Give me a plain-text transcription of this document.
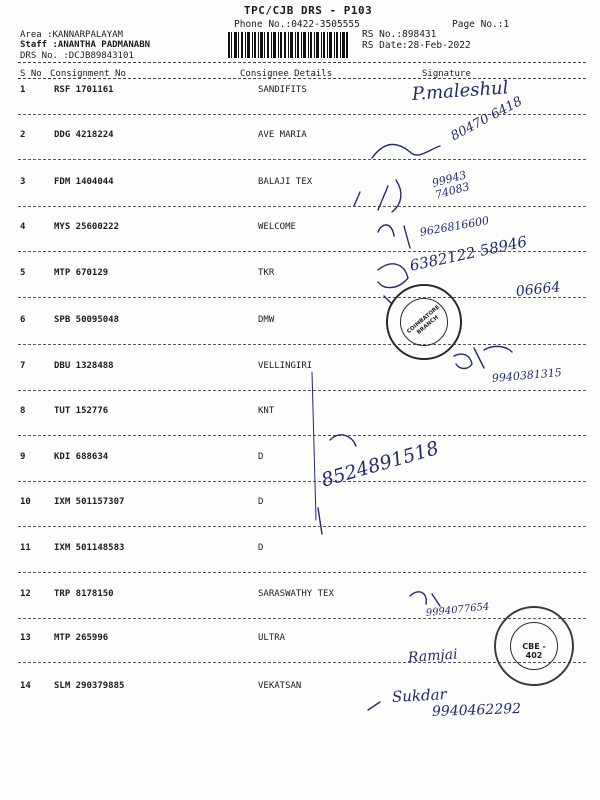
TPC/CJB DRS - P103
Phone No.:0422-3505555	Page No.:1
Area :KANNARPALAYAM
Staff :ANANTHA PADMANABN
DRS No. :DCJB89843101
RS No.:898431
RS Date:28-Feb-2022
S No Consignment No	Consignee Details	Signature
1	RSF 1701161	SANDIFITS
2	DDG 4218224	AVE MARIA
3	FDM 1404044	BALAJI TEX
4	MYS 25600222	WELCOME
5	MTP 670129	TKR
6	SPB 50095048	DMW
7	DBU 1328488	VELLINGIRI
8	TUT 152776	KNT
9	KDI 688634	D
10	IXM 501157307	D
11	IXM 501148583	D
12	TRP 8178150	SARASWATHY TEX
13	MTP 265996	ULTRA
14	SLM 290379885	VEKATSAN
P.maleshul
80470 6418
99943 74083
9626816600
6382122 58946
06664
9940381315
8524891518
9994077654
Ramjai
Sukdar
9940462292
COIMBATORE BRANCH
CBE - 402
